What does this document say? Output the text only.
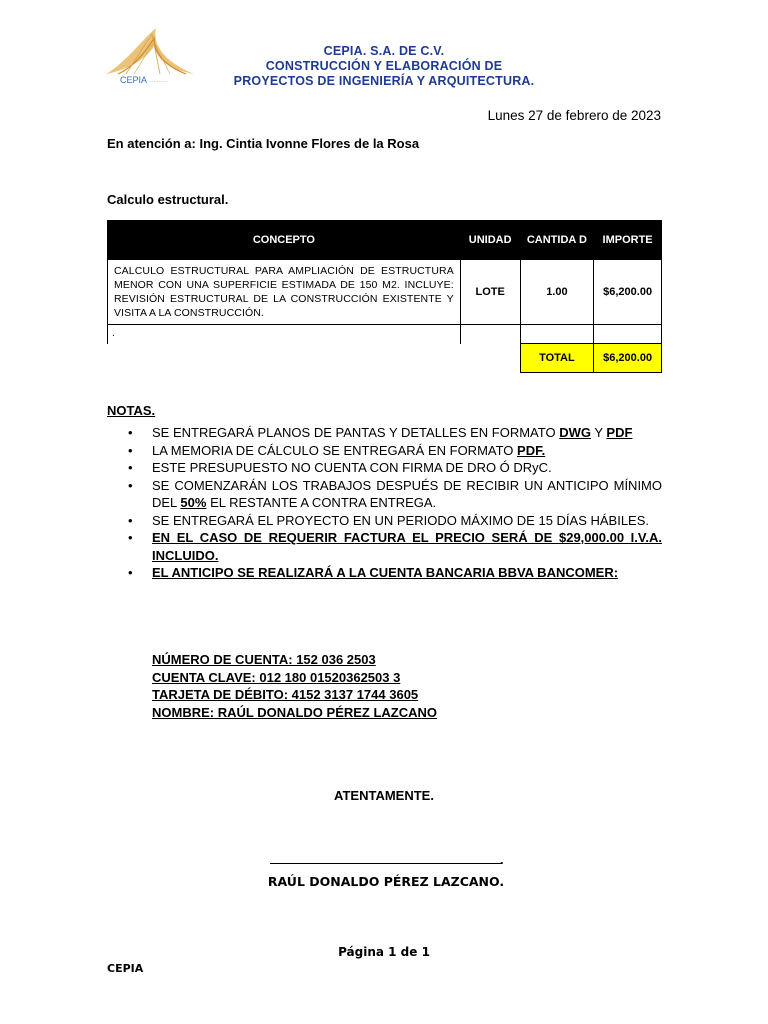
CEPIA ···········
CEPIA. S.A. DE C.V.
CONSTRUCCIÓN Y ELABORACIÓN DE
PROYECTOS DE INGENIERÍA Y ARQUITECTURA.
Lunes 27 de febrero de 2023
En atención a: Ing. Cintia Ivonne Flores de la Rosa
Calculo estructural.
CONCEPTO	UNIDAD	CANTIDA D	IMPORTE
CALCULO ESTRUCTURAL PARA AMPLIACIÓN DE ESTRUCTURA MENOR CON UNA SUPERFICIE ESTIMADA DE 150 M2. INCLUYE: REVISIÓN ESTRUCTURAL DE LA CONSTRUCCIÓN EXISTENTE Y VISITA A LA CONSTRUCCIÓN.	LOTE	1.00	$6,200.00
.			
		TOTAL	$6,200.00
NOTAS.
• SE ENTREGARÁ PLANOS DE PANTAS Y DETALLES EN FORMATO DWG Y PDF
• LA MEMORIA DE CÁLCULO SE ENTREGARÁ EN FORMATO PDF.
• ESTE PRESUPUESTO NO CUENTA CON FIRMA DE DRO Ó DRyC.
• SE COMENZARÁN LOS TRABAJOS DESPUÉS DE RECIBIR UN ANTICIPO MÍNIMO DEL 50% EL RESTANTE A CONTRA ENTREGA.
• SE ENTREGARÁ EL PROYECTO EN UN PERIODO MÁXIMO DE 15 DÍAS HÁBILES.
• EN EL CASO DE REQUERIR FACTURA EL PRECIO SERÁ DE $29,000.00 I.V.A. INCLUIDO.
• EL ANTICIPO SE REALIZARÁ A LA CUENTA BANCARIA BBVA BANCOMER:
NÚMERO DE CUENTA: 152 036 2503
CUENTA CLAVE: 012 180 01520362503 3
TARJETA DE DÉBITO: 4152 3137 1744 3605
NOMBRE: RAÚL DONALDO PÉREZ LAZCANO
ATENTAMENTE.
.
RAÚL DONALDO PÉREZ LAZCANO.
Página 1 de 1
CEPIA
